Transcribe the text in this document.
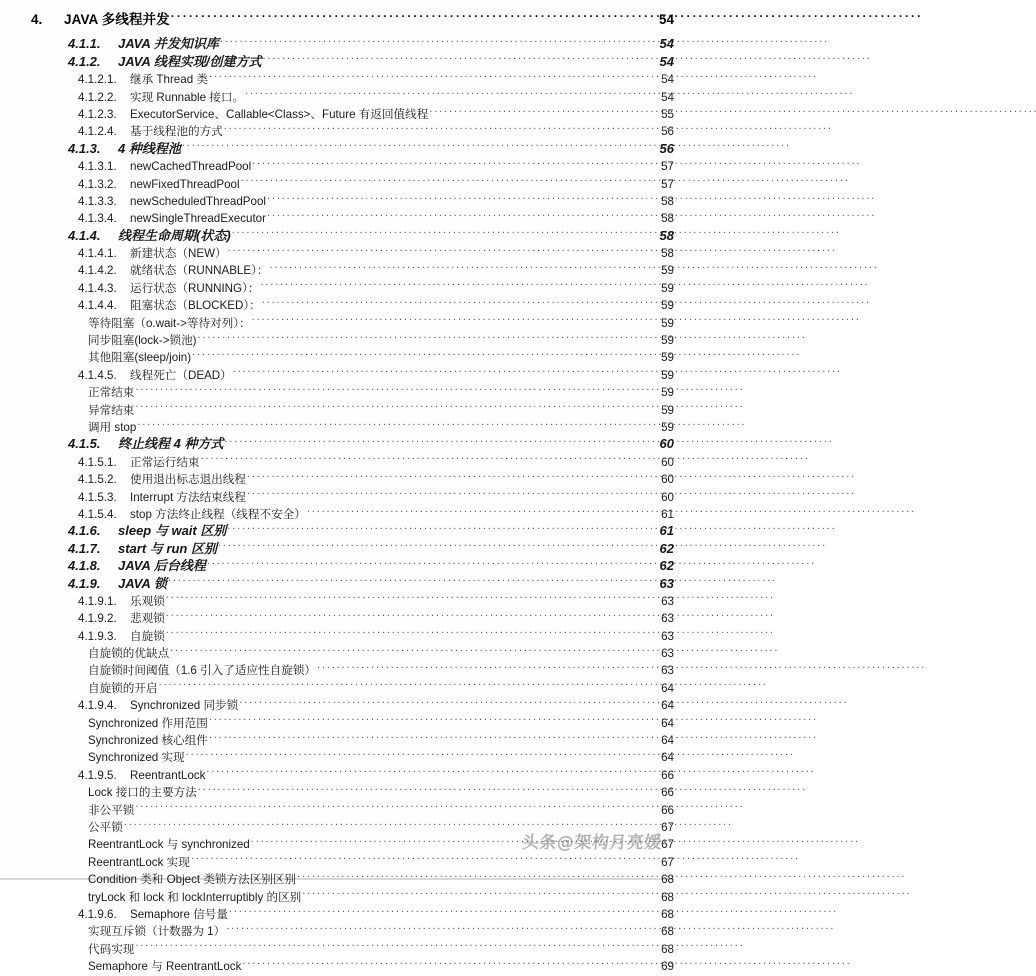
4.	JAVA 多线程并发 . . .	54
4.1.1.	JAVA 并发知识库 . . .	54
4.1.2.	JAVA 线程实现/创建方式 . . .	54
4.1.2.1.	继承 Thread 类 . . .	54
4.1.2.2.	实现 Runnable 接口。 . . .	54
4.1.2.3.	ExecutorService、Callable<Class>、Future 有返回值线程 . . .	55
4.1.2.4.	基于线程池的方式 . . .	56
4.1.3.	4 种线程池 . . .	56
4.1.3.1.	newCachedThreadPool . . .	57
4.1.3.2.	newFixedThreadPool . . .	57
4.1.3.3.	newScheduledThreadPool . . .	58
4.1.3.4.	newSingleThreadExecutor . . .	58
4.1.4.	线程生命周期(状态) . . .	58
4.1.4.1.	新建状态（NEW） . . .	58
4.1.4.2.	就绪状态（RUNNABLE）： . . .	59
4.1.4.3.	运行状态（RUNNING）： . . .	59
4.1.4.4.	阻塞状态（BLOCKED）： . . .	59
等待阻塞（o.wait->等待对列）： . . .	59
同步阻塞(lock->锁池) . . .	59
其他阻塞(sleep/join) . . .	59
4.1.4.5.	线程死亡（DEAD） . . .	59
正常结束 . . .	59
异常结束 . . .	59
调用 stop . . .	59
4.1.5.	终止线程 4 种方式 . . .	60
4.1.5.1.	正常运行结束 . . .	60
4.1.5.2.	使用退出标志退出线程 . . .	60
4.1.5.3.	Interrupt 方法结束线程 . . .	60
4.1.5.4.	stop 方法终止线程（线程不安全） . . .	61
4.1.6.	sleep 与 wait 区别 . . .	61
4.1.7.	start 与 run 区别 . . .	62
4.1.8.	JAVA 后台线程 . . .	62
4.1.9.	JAVA 锁 . . .	63
4.1.9.1.	乐观锁 . . .	63
4.1.9.2.	悲观锁 . . .	63
4.1.9.3.	自旋锁 . . .	63
自旋锁的优缺点 . . .	63
自旋锁时间阈值（1.6 引入了适应性自旋锁） . . .	63
自旋锁的开启 . . .	64
4.1.9.4.	Synchronized 同步锁 . . .	64
Synchronized 作用范围 . . .	64
Synchronized 核心组件 . . .	64
Synchronized 实现 . . .	64
4.1.9.5.	ReentrantLock . . .	66
Lock 接口的主要方法 . . .	66
非公平锁 . . .	66
公平锁 . . .	67
ReentrantLock 与 synchronized . . .	67
ReentrantLock 实现 . . .	67
Condition 类和 Object 类锁方法区别区别 . . .	68
tryLock 和 lock 和 lockInterruptibly 的区别 . . .	68
4.1.9.6.	Semaphore 信号量 . . .	68
实现互斥锁（计数器为 1） . . .	68
代码实现 . . .	68
Semaphore 与 ReentrantLock . . .	69
头条@架构月亮媛
